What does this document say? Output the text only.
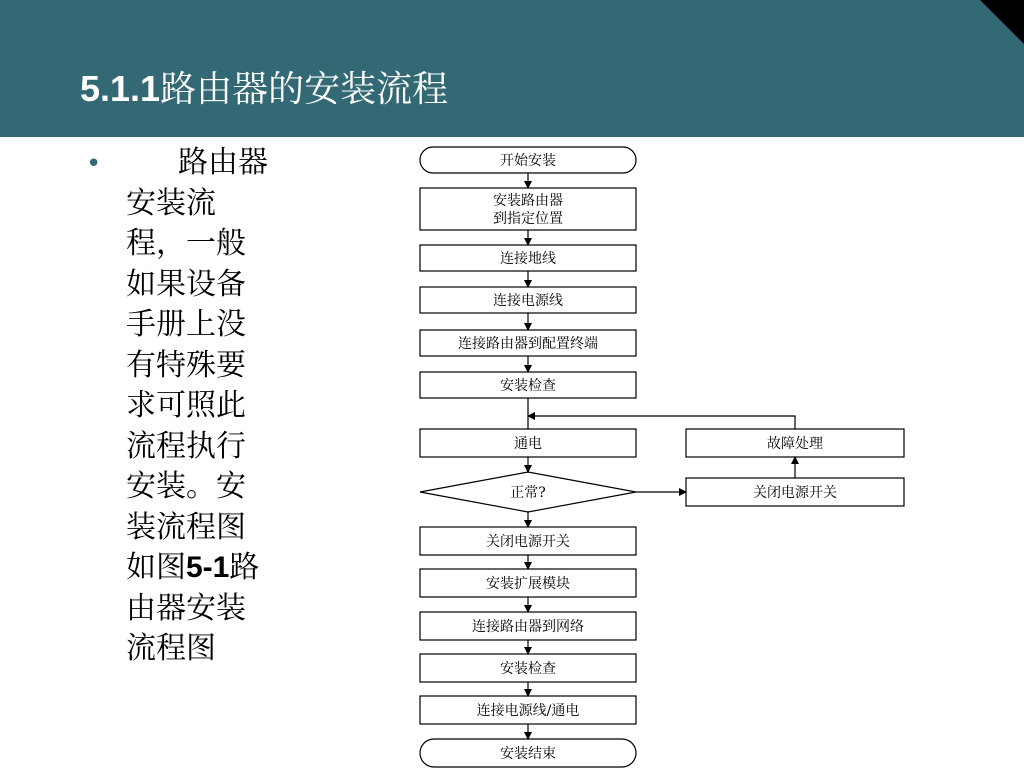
5.1.1路由器的安装流程
•	路由器安装流程，一般如果设备手册上没有特殊要求可照此流程执行安装。安装流程图如图5-1路由器安装流程图
开始安装
安装路由器
到指定位置
连接地线
连接电源线
连接路由器到配置终端
安装检查
通电	故障处理
正常?	关闭电源开关
关闭电源开关
安装扩展模块
连接路由器到网络
安装检查
连接电源线/通电
安装结束
